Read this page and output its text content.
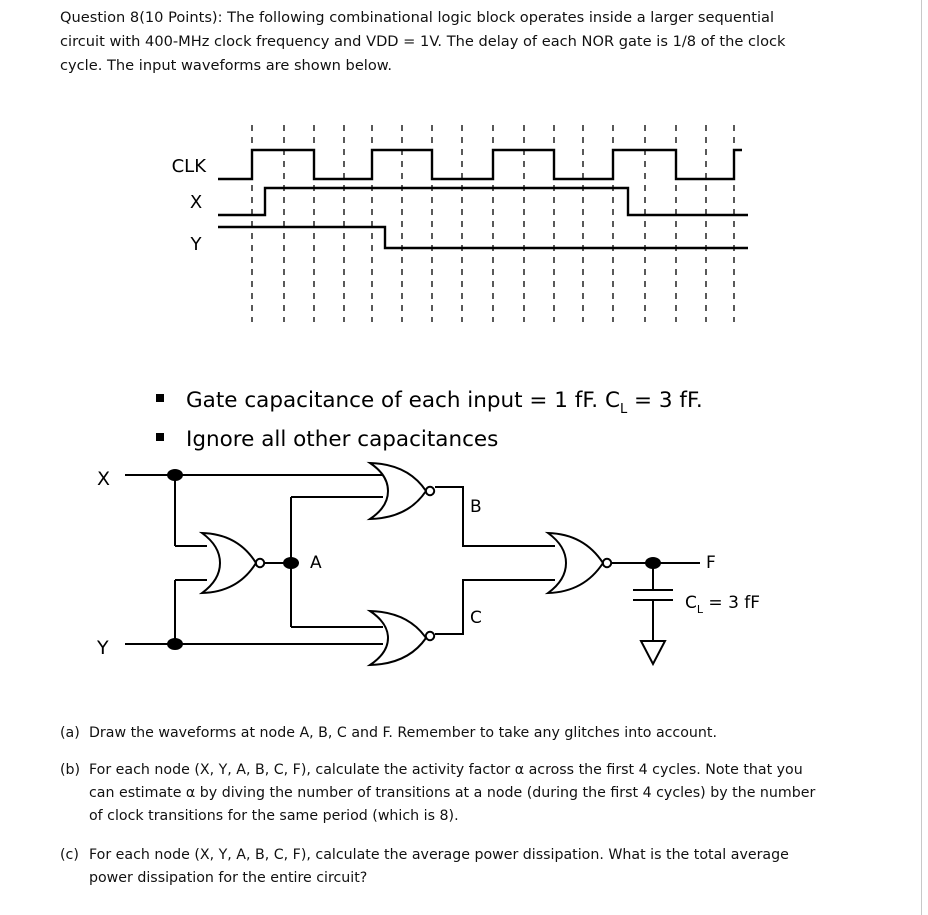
Question 8(10 Points): The following combinational logic block operates inside a larger sequential circuit with 400-MHz clock frequency and VDD = 1V. The delay of each NOR gate is 1/8 of the clock cycle. The input waveforms are shown below.

CLK
X
Y
Gate capacitance of each input = 1 fF. $C_L = 3$ fF.
Ignore all other capacitances
X
Y
A
B
C
F
$C_L = 3$ fF
(a) Draw the waveforms at node A, B, C and F. Remember to take any glitches into account.
(b) For each node (X, Y, A, B, C, F), calculate the activity factor α across the first 4 cycles. Note that you can estimate α by diving the number of transitions at a node (during the first 4 cycles) by the number of clock transitions for the same period (which is 8).
(c) For each node (X, Y, A, B, C, F), calculate the average power dissipation. What is the total average power dissipation for the entire circuit?
